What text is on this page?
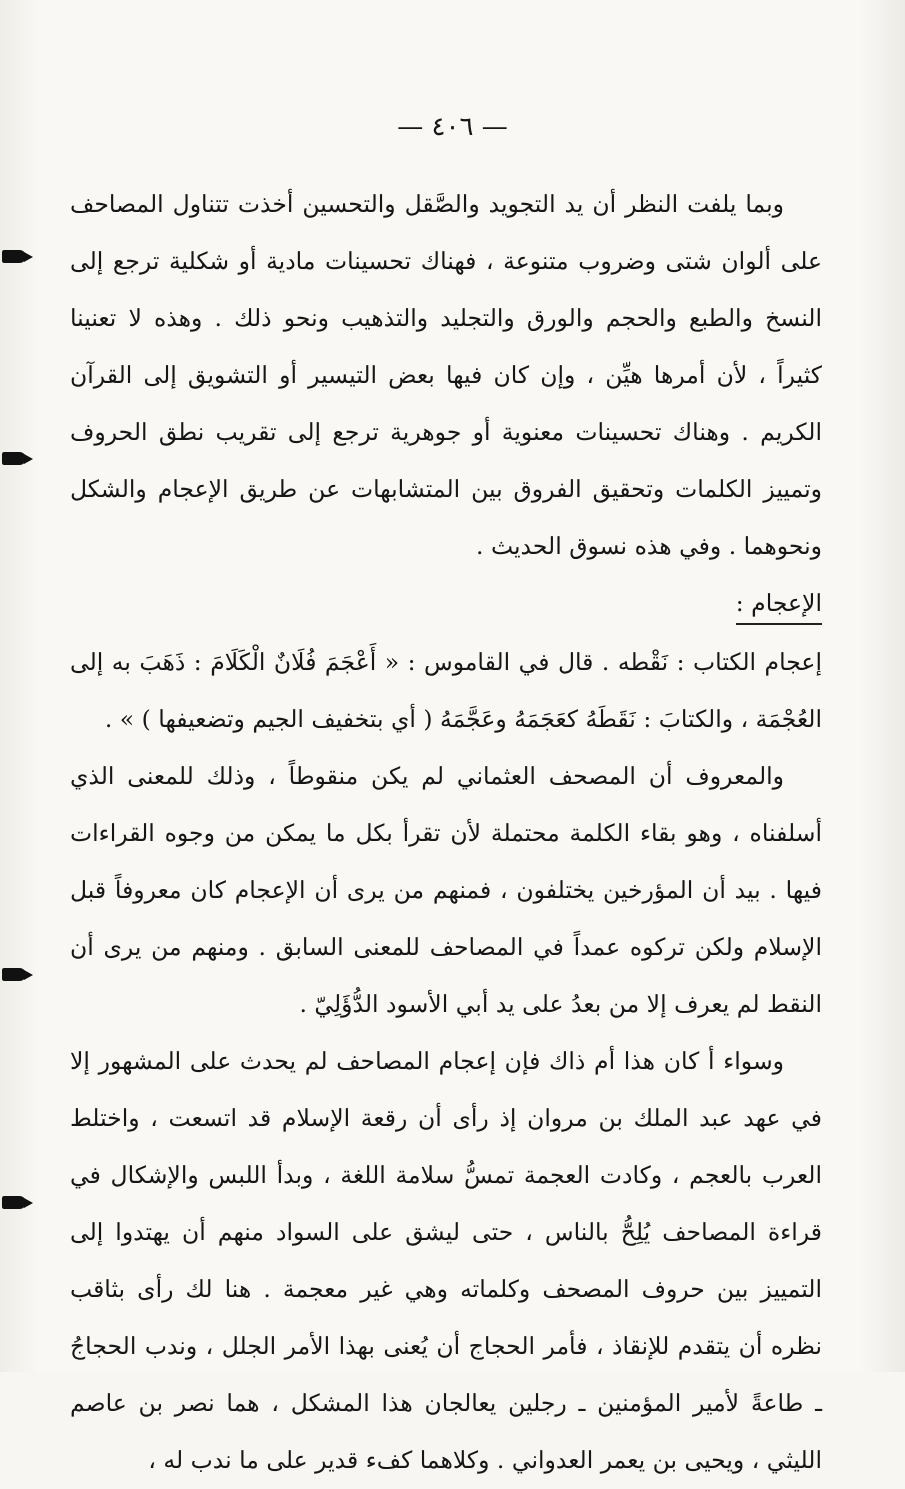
— ٤٠٦ —

وبما يلفت النظر أن يد التجويد والصَّقل والتحسين أخذت تتناول المصاحف على ألوان شتى وضروب متنوعة ، فهناك تحسينات مادية أو شكلية ترجع إلى النسخ والطبع والحجم والورق والتجليد والتذهيب ونحو ذلك . وهذه لا تعنينا كثيراً ، لأن أمرها هيِّن ، وإن كان فيها بعض التيسير أو التشويق إلى القرآن الكريم . وهناك تحسينات معنوية أو جوهرية ترجع إلى تقريب نطق الحروف وتمييز الكلمات وتحقيق الفروق بين المتشابهات عن طريق الإعجام والشكل ونحوهما . وفي هذه نسوق الحديث .

الإعجام :

إعجام الكتاب : نَقْطه . قال في القاموس : « أَعْجَمَ فُلَانٌ الْكَلَامَ : ذَهَبَ به إلى العُجْمَة ، والكتابَ : نَقَطَهُ كعَجَمَهُ وعَجَّمَهُ ( أي بتخفيف الجيم وتضعيفها ) » .

والمعروف أن المصحف العثماني لم يكن منقوطاً ، وذلك للمعنى الذي أسلفناه ، وهو بقاء الكلمة محتملة لأن تقرأ بكل ما يمكن من وجوه القراءات فيها . بيد أن المؤرخين يختلفون ، فمنهم من يرى أن الإعجام كان معروفاً قبل الإسلام ولكن تركوه عمداً في المصاحف للمعنى السابق . ومنهم من يرى أن النقط لم يعرف إلا من بعدُ على يد أبي الأسود الدُّؤَلِيّ .

وسواء أ كان هذا أم ذاك فإن إعجام المصاحف لم يحدث على المشهور إلا في عهد عبد الملك بن مروان إذ رأى أن رقعة الإسلام قد اتسعت ، واختلط العرب بالعجم ، وكادت العجمة تمسُّ سلامة اللغة ، وبدأ اللبس والإشكال في قراءة المصاحف يُلِحُّ بالناس ، حتى ليشق على السواد منهم أن يهتدوا إلى التمييز بين حروف المصحف وكلماته وهي غير معجمة . هنا لك رأى بثاقب نظره أن يتقدم للإنقاذ ، فأمر الحجاج أن يُعنى بهذا الأمر الجلل ، وندب الحجاجُ ـ طاعةً لأمير المؤمنين ـ رجلين يعالجان هذا المشكل ، هما نصر بن عاصم الليثي ، ويحيى بن يعمر العدواني . وكلاهما كفء قدير على ما ندب له ،
